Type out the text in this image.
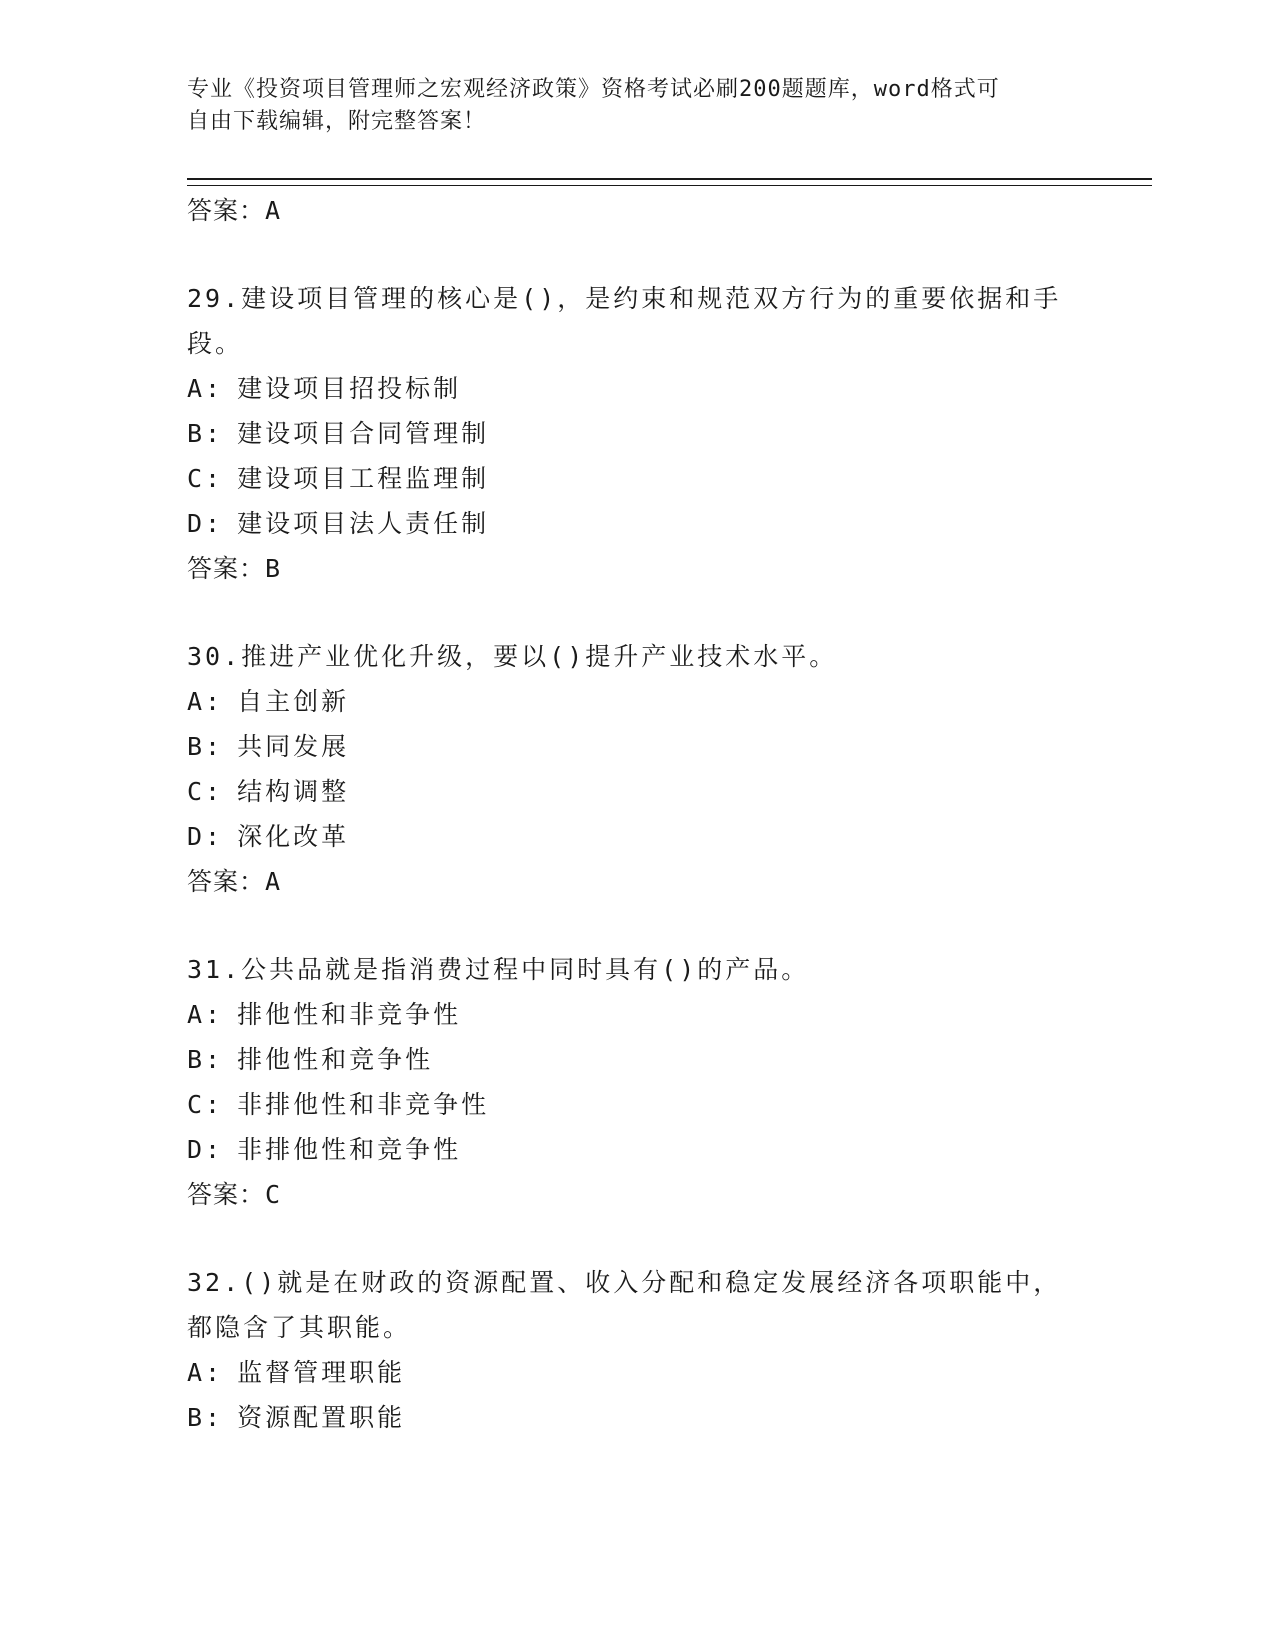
专业《投资项目管理师之宏观经济政策》资格考试必刷200题题库，word格式可
自由下载编辑，附完整答案！

答案：A

29.建设项目管理的核心是()，是约束和规范双方行为的重要依据和手

段。

A: 建设项目招投标制

B: 建设项目合同管理制

C: 建设项目工程监理制

D: 建设项目法人责任制

答案：B

30.推进产业优化升级，要以()提升产业技术水平。

A: 自主创新

B: 共同发展

C: 结构调整

D: 深化改革

答案：A

31.公共品就是指消费过程中同时具有()的产品。

A: 排他性和非竞争性

B: 排他性和竞争性

C: 非排他性和非竞争性

D: 非排他性和竞争性

答案：C

32.()就是在财政的资源配置、收入分配和稳定发展经济各项职能中，

都隐含了其职能。

A: 监督管理职能

B: 资源配置职能
